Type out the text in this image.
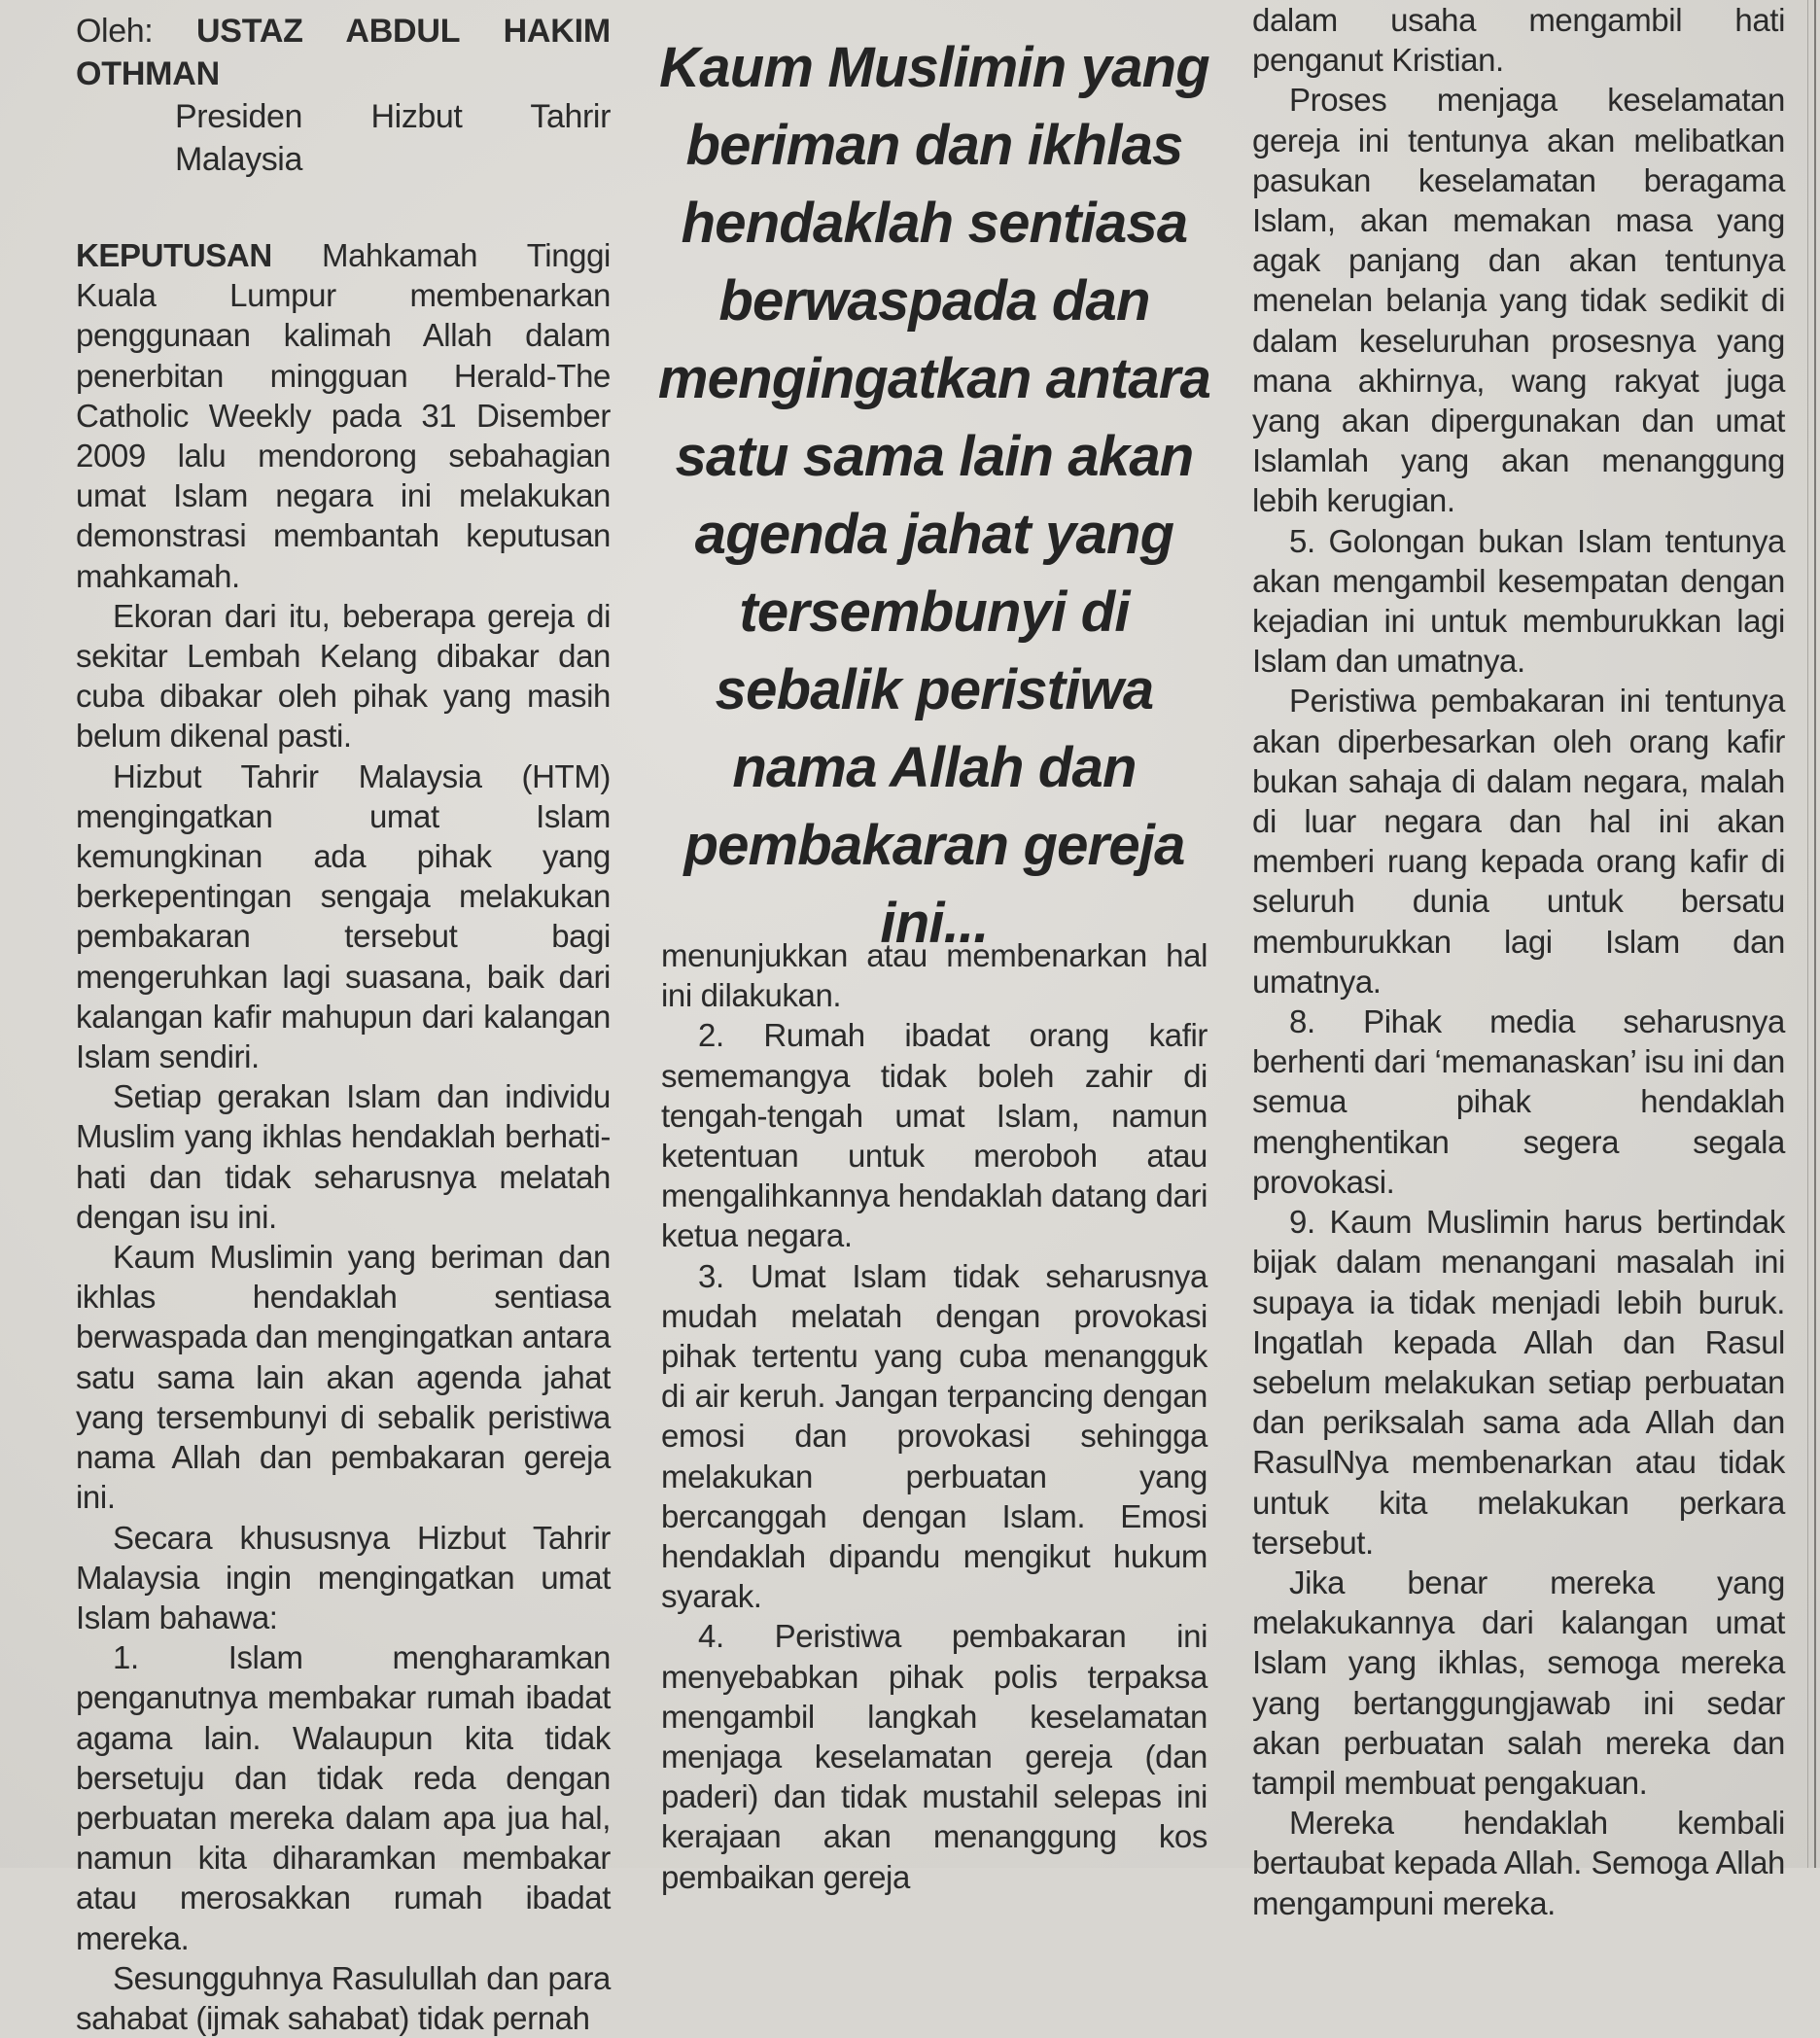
Oleh: USTAZ ABDUL HAKIM OTHMAN
Presiden Hizbut Tahrir Malaysia

KEPUTUSAN Mahkamah Tinggi Kuala Lumpur membenarkan penggunaan kalimah Allah dalam penerbitan mingguan Herald-The Catholic Weekly pada 31 Disember 2009 lalu mendorong sebahagian umat Islam negara ini melakukan demonstrasi membantah keputusan mahkamah.

Ekoran dari itu, beberapa gereja di sekitar Lembah Kelang dibakar dan cuba dibakar oleh pihak yang masih belum dikenal pasti.

Hizbut Tahrir Malaysia (HTM) mengingatkan umat Islam kemungkinan ada pihak yang berkepentingan sengaja melakukan pembakaran tersebut bagi mengeruhkan lagi suasana, baik dari kalangan kafir mahupun dari kalangan Islam sendiri.

Setiap gerakan Islam dan individu Muslim yang ikhlas hendaklah berhati-hati dan tidak seharusnya melatah dengan isu ini.

Kaum Muslimin yang beriman dan ikhlas hendaklah sentiasa berwaspada dan mengingatkan antara satu sama lain akan agenda jahat yang tersembunyi di sebalik peristiwa nama Allah dan pembakaran gereja ini.

Secara khususnya Hizbut Tahrir Malaysia ingin mengingatkan umat Islam bahawa:

1. Islam mengharamkan penganutnya membakar rumah ibadat agama lain. Walaupun kita tidak bersetuju dan tidak reda dengan perbuatan mereka dalam apa jua hal, namun kita diharamkan membakar atau merosakkan rumah ibadat mereka.

Sesungguhnya Rasulullah dan para sahabat (ijmak sahabat) tidak pernah

Kaum Muslimin yang beriman dan ikhlas hendaklah sentiasa berwaspada dan mengingatkan antara satu sama lain akan agenda jahat yang tersembunyi di sebalik peristiwa nama Allah dan pembakaran gereja ini...

menunjukkan atau membenarkan hal ini dilakukan.

2. Rumah ibadat orang kafir sememangya tidak boleh zahir di tengah-tengah umat Islam, namun ketentuan untuk meroboh atau mengalihkannya hendaklah datang dari ketua negara.

3. Umat Islam tidak seharusnya mudah melatah dengan provokasi pihak tertentu yang cuba menangguk di air keruh. Jangan terpancing dengan emosi dan provokasi sehingga melakukan perbuatan yang bercanggah dengan Islam. Emosi hendaklah dipandu mengikut hukum syarak.

4. Peristiwa pembakaran ini menyebabkan pihak polis terpaksa mengambil langkah keselamatan menjaga keselamatan gereja (dan paderi) dan tidak mustahil selepas ini kerajaan akan menanggung kos pembaikan gereja

dalam usaha mengambil hati penganut Kristian.

Proses menjaga keselamatan gereja ini tentunya akan melibatkan pasukan keselamatan beragama Islam, akan memakan masa yang agak panjang dan akan tentunya menelan belanja yang tidak sedikit di dalam keseluruhan prosesnya yang mana akhirnya, wang rakyat juga yang akan dipergunakan dan umat Islamlah yang akan menanggung lebih kerugian.

5. Golongan bukan Islam tentunya akan mengambil kesempatan dengan kejadian ini untuk memburukkan lagi Islam dan umatnya.

Peristiwa pembakaran ini tentunya akan diperbesarkan oleh orang kafir bukan sahaja di dalam negara, malah di luar negara dan hal ini akan memberi ruang kepada orang kafir di seluruh dunia untuk bersatu memburukkan lagi Islam dan umatnya.

8. Pihak media seharusnya berhenti dari ‘memanaskan’ isu ini dan semua pihak hendaklah menghentikan segera segala provokasi.

9. Kaum Muslimin harus bertindak bijak dalam menangani masalah ini supaya ia tidak menjadi lebih buruk. Ingatlah kepada Allah dan Rasul sebelum melakukan setiap perbuatan dan periksalah sama ada Allah dan RasulNya membenarkan atau tidak untuk kita melakukan perkara tersebut.

Jika benar mereka yang melakukannya dari kalangan umat Islam yang ikhlas, semoga mereka yang bertanggungjawab ini sedar akan perbuatan salah mereka dan tampil membuat pengakuan.

Mereka hendaklah kembali bertaubat kepada Allah. Semoga Allah mengampuni mereka.
